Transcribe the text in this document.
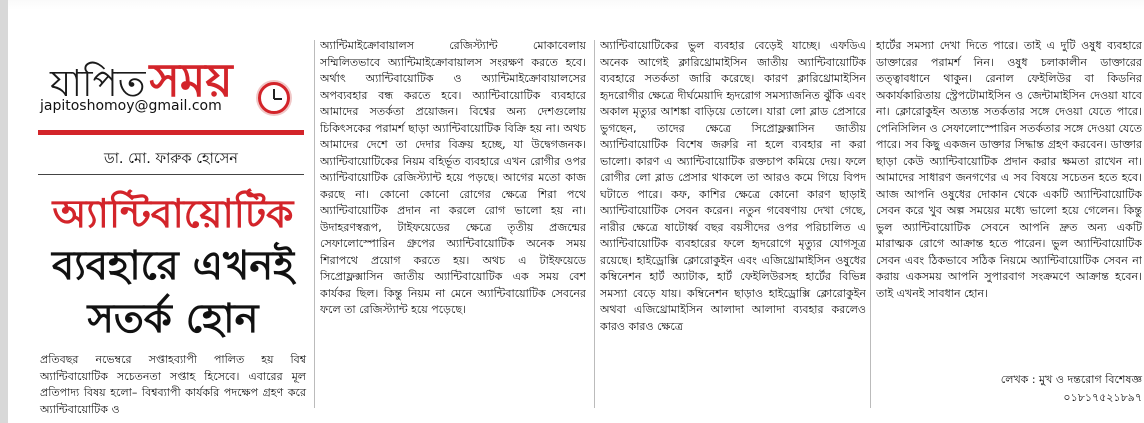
যাপিতসময়
japitoshomoy@gmail.com
ডা. মো. ফারুক হোসেন
অ্যান্টিবায়োটিক
ব্যবহারে এখনই
সতর্ক হোন
প্রতিবছর নভেম্বরে সপ্তাহব্যাপী পালিত হয় বিশ্ব অ্যান্টিবায়োটিক সচেতনতা সপ্তাহ হিসেবে। এবারের মূল প্রতিপাদ্য বিষয় হলো– বিশ্বব্যাপী কার্যকরি পদক্ষেপ গ্রহণ করে অ্যান্টিবায়োটিক ও

অ্যান্টিমাইক্রোবায়ালস রেজিস্ট্যান্ট মোকাবেলায় সম্মিলিতভাবে অ্যান্টিমাইক্রোবায়ালস সংরক্ষণ করতে হবে। অর্থাৎ অ্যান্টিবায়োটিক ও অ্যান্টিমাইক্রোবায়ালসের অপব্যবহার বন্ধ করতে হবে। অ্যান্টিবায়োটিক ব্যবহারে আমাদের সতর্কতা প্রয়োজন। বিশ্বের অন্য দেশগুলোয় চিকিৎসকের পরামর্শ ছাড়া অ্যান্টিবায়োটিক বিক্রি হয় না। অথচ আমাদের দেশে তা দেদার বিক্রয় হচ্ছে, যা উদ্বেগজনক। অ্যান্টিবায়োটিকের নিয়ম বহির্ভূত ব্যবহারে এখন রোগীর ওপর অ্যান্টিবায়োটিক রেজিস্ট্যান্ট হয়ে পড়ছে। আগের মতো কাজ করছে না। কোনো কোনো রোগের ক্ষেত্রে শিরা পথে অ্যান্টিবায়োটিক প্রদান না করলে রোগ ভালো হয় না। উদাহরণস্বরূপ, টাইফয়েডের ক্ষেত্রে তৃতীয় প্রজন্মের সেফালোস্পোরিন গ্রুপের অ্যান্টিবায়োটিক অনেক সময় শিরাপথে প্রয়োগ করতে হয়। অথচ এ টাইফয়েডে সিপ্রোফ্লক্সাসিন জাতীয় অ্যান্টিবায়োটিক এক সময় বেশ কার্যকর ছিল। কিন্তু নিয়ম না মেনে অ্যান্টিবায়োটিক সেবনের ফলে তা রেজিস্ট্যান্ট হয়ে পড়েছে।

অ্যান্টিবায়োটিকের ভুল ব্যবহার বেড়েই যাচ্ছে। এফডিএ অনেক আগেই ক্লারিথ্রোমাইসিন জাতীয় অ্যান্টিবায়োটিক ব্যবহারে সতর্কতা জারি করেছে। কারণ ক্লারিথ্রোমাইসিন হৃদরোগীর ক্ষেত্রে দীর্ঘমেয়াদি হৃদরোগ সমস্যাজনিত ঝুঁকি এবং অকাল মৃত্যুর আশঙ্কা বাড়িয়ে তোলে। যারা লো ব্লাড প্রেসারে ভুগছেন, তাদের ক্ষেত্রে সিপ্রোফ্লক্সাসিন জাতীয় অ্যান্টিবায়োটিক বিশেষ জরুরি না হলে ব্যবহার না করা ভালো। কারণ এ অ্যান্টিবায়োটিক রক্তচাপ কমিয়ে দেয়। ফলে রোগীর লো ব্লাড প্রেসার থাকলে তা আরও কমে গিয়ে বিপদ ঘটাতে পারে। কফ, কাশির ক্ষেত্রে কোনো কারণ ছাড়াই অ্যান্টিবায়োটিক সেবন করেন। নতুন গবেষণায় দেখা গেছে, নারীর ক্ষেত্রে ষাটোর্ধ্ব বছর বয়সীদের ওপর পরিচালিত এ অ্যান্টিবায়োটিক ব্যবহারের ফলে হৃদরোগে মৃত্যুর যোগসূত্র রয়েছে। হাইড্রোক্সি ক্লোরোকুইন এবং এজিথ্রোমাইসিন ওষুধের কম্বিনেশন হার্ট অ্যাটাক, হার্ট ফেইলিউরসহ হার্টের বিভিন্ন সমস্যা বেড়ে যায়। কম্বিনেশন ছাড়াও হাইড্রোক্সি ক্লোরোকুইন অথবা এজিথ্রোমাইসিন আলাদা আলাদা ব্যবহার করলেও কারও কারও ক্ষেত্রে

হার্টের সমস্যা দেখা দিতে পারে। তাই এ দুটি ওষুধ ব্যবহারে ডাক্তারের পরামর্শ নিন। ওষুধ চলাকালীন ডাক্তারের তত্ত্বাবধানে থাকুন। রেনাল ফেইলিউর বা কিডনির অকার্যকারিতায় স্ট্রেপটোমাইসিন ও জেন্টামাইসিন দেওয়া যাবে না। ক্লোরোকুইন অত্যন্ত সতর্কতার সঙ্গে দেওয়া যেতে পারে। পেনিসিলিন ও সেফালোস্পোরিন সতর্কতার সঙ্গে দেওয়া যেতে পারে। সব কিছু একজন ডাক্তার সিদ্ধান্ত গ্রহণ করবেন। ডাক্তার ছাড়া কেউ অ্যান্টিবায়োটিক প্রদান করার ক্ষমতা রাখেন না। আমাদের সাধারণ জনগণের এ সব বিষয়ে সচেতন হতে হবে। আজ আপনি ওষুধের দোকান থেকে একটি অ্যান্টিবায়োটিক সেবন করে খুব অল্প সময়ের মধ্যে ভালো হয়ে গেলেন। কিন্তু ভুল অ্যান্টিবায়োটিক সেবনে আপনি দ্রুত অন্য একটি মারাত্মক রোগে আক্রান্ত হতে পারেন। ভুল অ্যান্টিবায়োটিক সেবন এবং ঠিকভাবে সঠিক নিয়মে অ্যান্টিবায়োটিক সেবন না করায় একসময় আপনি সুপারবাগ সংক্রমণে আক্রান্ত হবেন। তাই এখনই সাবধান হোন।

লেখক : মুখ ও দন্তরোগ বিশেষজ্ঞ
০১৮১৭৫২১৮৯৭
